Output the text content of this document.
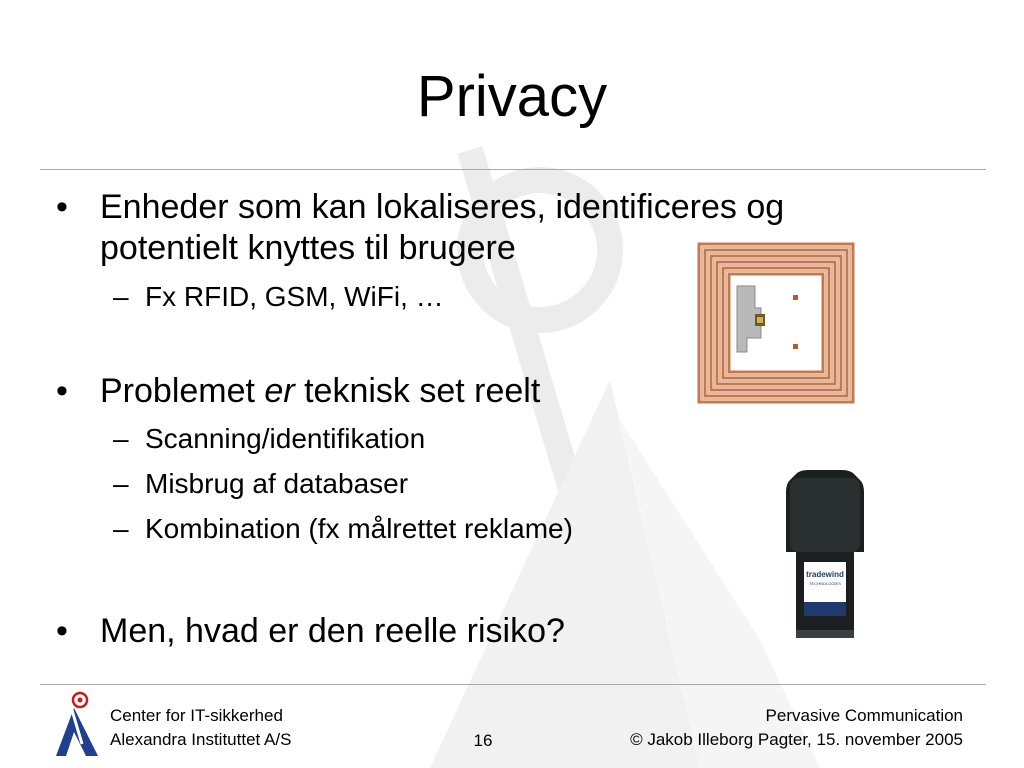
Privacy
• Enheder som kan lokaliseres, identificeres og
potentielt knyttes til brugere
– Fx RFID, GSM, WiFi, …
• Problemet er teknisk set reelt
– Scanning/identifikation
– Misbrug af databaser
– Kombination (fx målrettet reklame)
• Men, hvad er den reelle risiko?
tradewind
TECHNOLOGIES
Center for IT-sikkerhed
Alexandra Instituttet A/S	16
Pervasive Communication
© Jakob Illeborg Pagter, 15. november 2005
